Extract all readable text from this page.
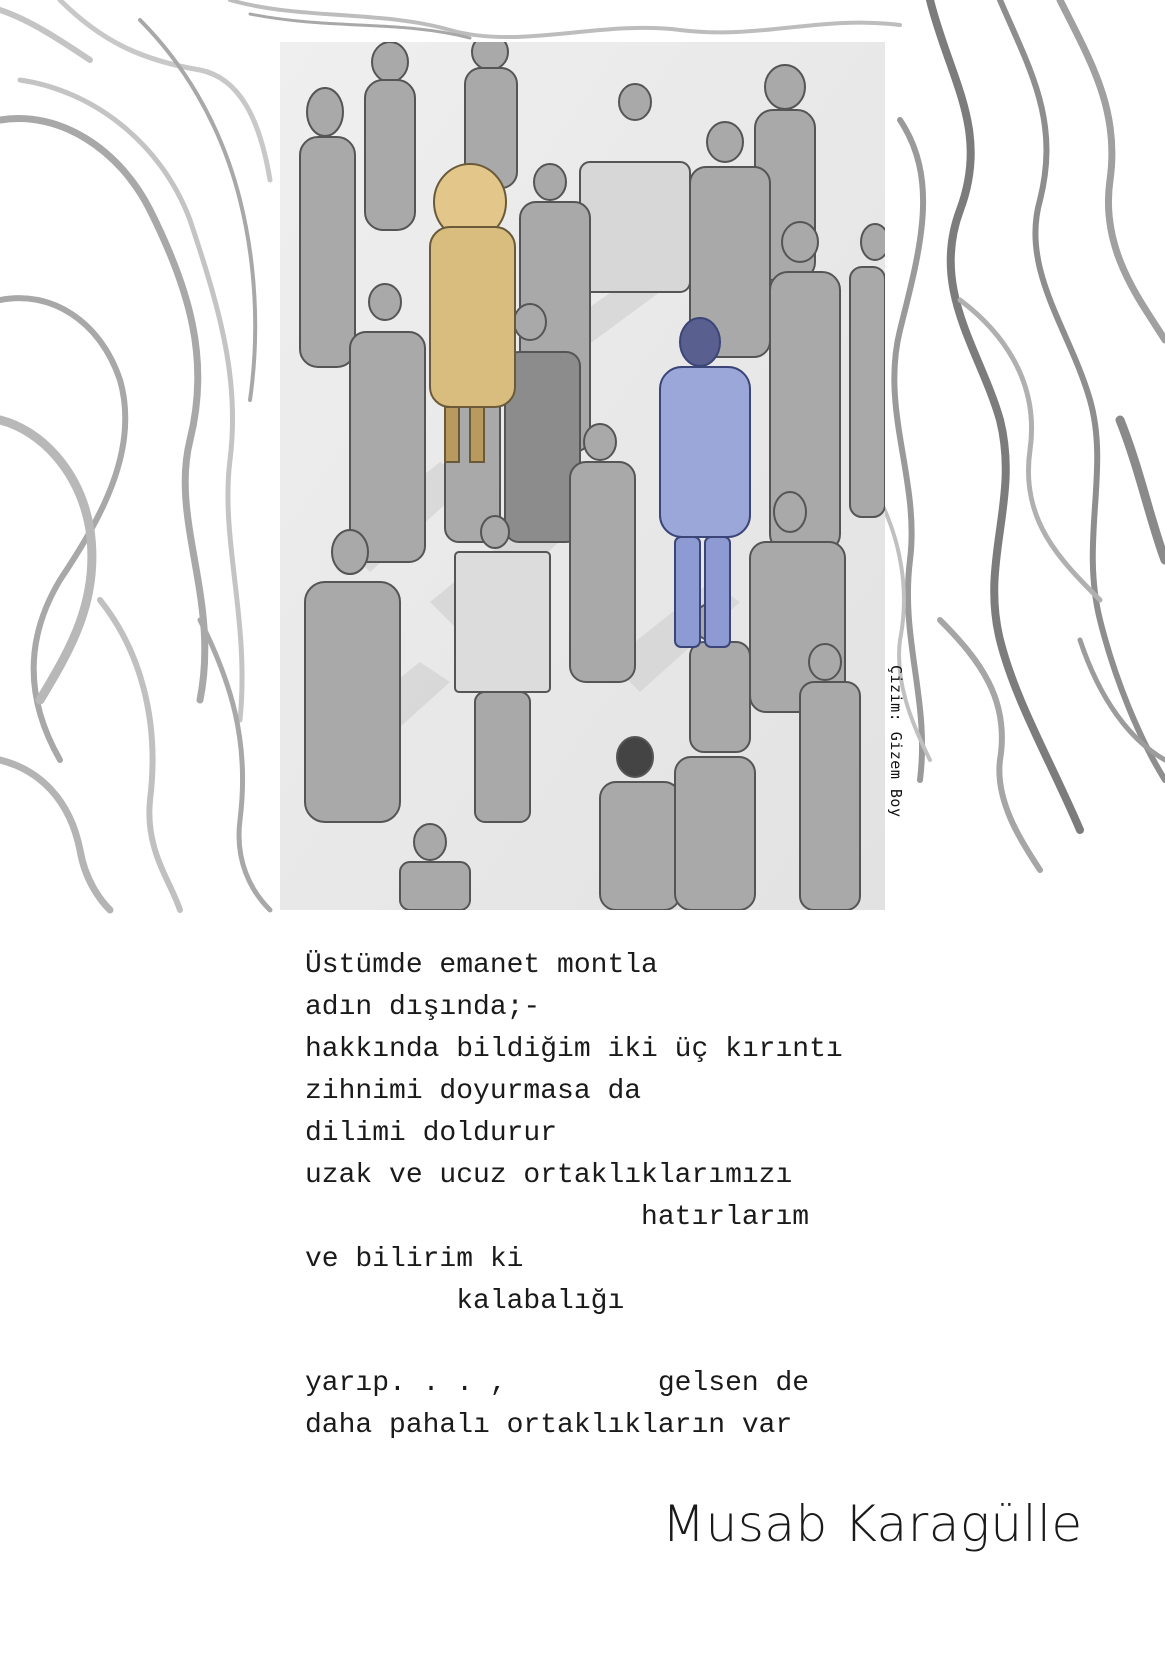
Çizim: Gizem Boy
Üstümde emanet montla
adın dışında;-
hakkında bildiğim iki üç kırıntı
zihnimi doyurmasa da
dilimi doldurur
uzak ve ucuz ortaklıklarımızı
hatırlarım
ve bilirim ki
kalabalığı
yarıp. . . ,         gelsen de
daha pahalı ortaklıkların var
Musab Karagülle
